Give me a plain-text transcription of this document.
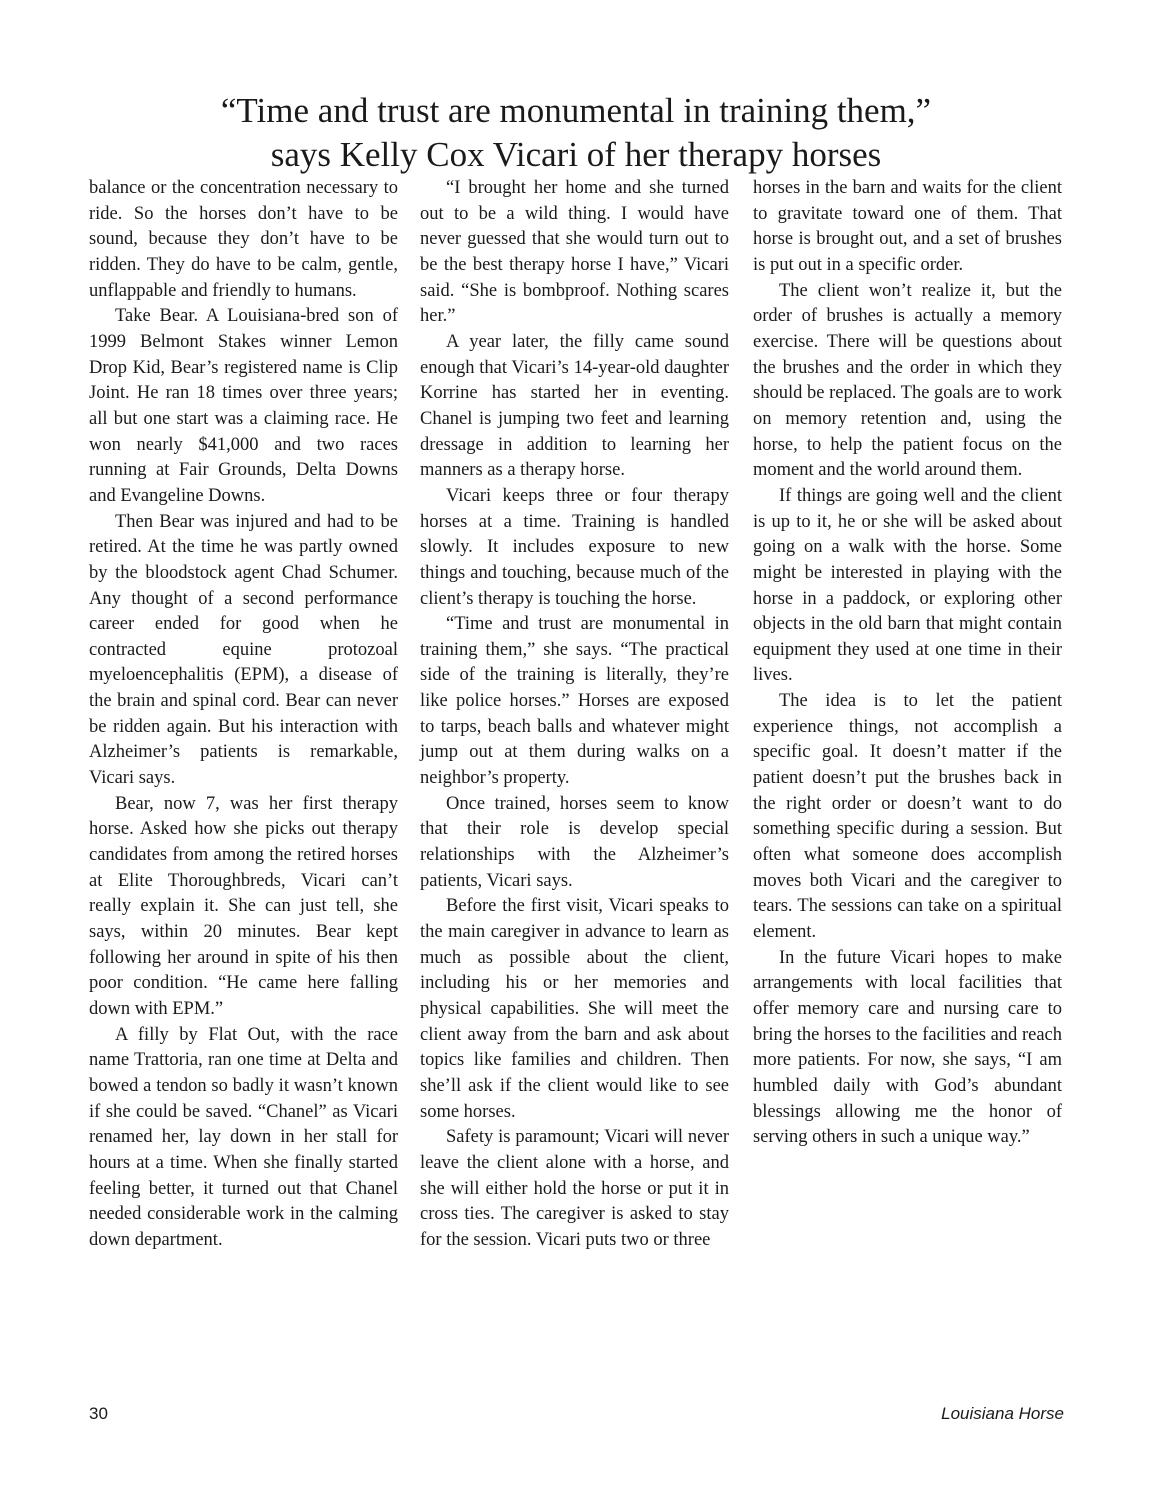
“Time and trust are monumental in training them,”
says Kelly Cox Vicari of her therapy horses

balance or the concentration necessary to ride. So the horses don’t have to be sound, because they don’t have to be ridden. They do have to be calm, gentle, unflappable and friendly to humans.

Take Bear. A Louisiana-bred son of 1999 Belmont Stakes winner Lemon Drop Kid, Bear’s registered name is Clip Joint. He ran 18 times over three years; all but one start was a claiming race. He won nearly $41,000 and two races running at Fair Grounds, Delta Downs and Evangeline Downs.

Then Bear was injured and had to be retired. At the time he was partly owned by the bloodstock agent Chad Schumer. Any thought of a second performance career ended for good when he contracted equine protozoal myeloencephalitis (EPM), a disease of the brain and spinal cord. Bear can never be ridden again. But his interaction with Alzheimer’s patients is remarkable, Vicari says.

Bear, now 7, was her first therapy horse. Asked how she picks out therapy candidates from among the retired horses at Elite Thoroughbreds, Vicari can’t really explain it. She can just tell, she says, within 20 minutes. Bear kept following her around in spite of his then poor condition. “He came here falling down with EPM.”

A filly by Flat Out, with the race name Trattoria, ran one time at Delta and bowed a tendon so badly it wasn’t known if she could be saved. “Chanel” as Vicari renamed her, lay down in her stall for hours at a time. When she finally started feeling better, it turned out that Chanel needed considerable work in the calming down department.

“I brought her home and she turned out to be a wild thing. I would have never guessed that she would turn out to be the best therapy horse I have,” Vicari said. “She is bombproof. Nothing scares her.”

A year later, the filly came sound enough that Vicari’s 14-year-old daughter Korrine has started her in eventing. Chanel is jumping two feet and learning dressage in addition to learning her manners as a therapy horse.

Vicari keeps three or four therapy horses at a time. Training is handled slowly. It includes exposure to new things and touching, because much of the client’s therapy is touching the horse.

“Time and trust are monumental in training them,” she says. “The practical side of the training is literally, they’re like police horses.” Horses are exposed to tarps, beach balls and whatever might jump out at them during walks on a neighbor’s property.

Once trained, horses seem to know that their role is develop special relationships with the Alzheimer’s patients, Vicari says.

Before the first visit, Vicari speaks to the main caregiver in advance to learn as much as possible about the client, including his or her memories and physical capabilities. She will meet the client away from the barn and ask about topics like families and children. Then she’ll ask if the client would like to see some horses.

Safety is paramount; Vicari will never leave the client alone with a horse, and she will either hold the horse or put it in cross ties. The caregiver is asked to stay for the session. Vicari puts two or three

horses in the barn and waits for the client to gravitate toward one of them. That horse is brought out, and a set of brushes is put out in a specific order.

The client won’t realize it, but the order of brushes is actually a memory exercise. There will be questions about the brushes and the order in which they should be replaced. The goals are to work on memory retention and, using the horse, to help the patient focus on the moment and the world around them.

If things are going well and the client is up to it, he or she will be asked about going on a walk with the horse. Some might be interested in playing with the horse in a paddock, or exploring other objects in the old barn that might contain equipment they used at one time in their lives.

The idea is to let the patient experience things, not accomplish a specific goal. It doesn’t matter if the patient doesn’t put the brushes back in the right order or doesn’t want to do something specific during a session. But often what someone does accomplish moves both Vicari and the caregiver to tears. The sessions can take on a spiritual element.

In the future Vicari hopes to make arrangements with local facilities that offer memory care and nursing care to bring the horses to the facilities and reach more patients. For now, she says, “I am humbled daily with God’s abundant blessings allowing me the honor of serving others in such a unique way.”

30	Louisiana Horse
